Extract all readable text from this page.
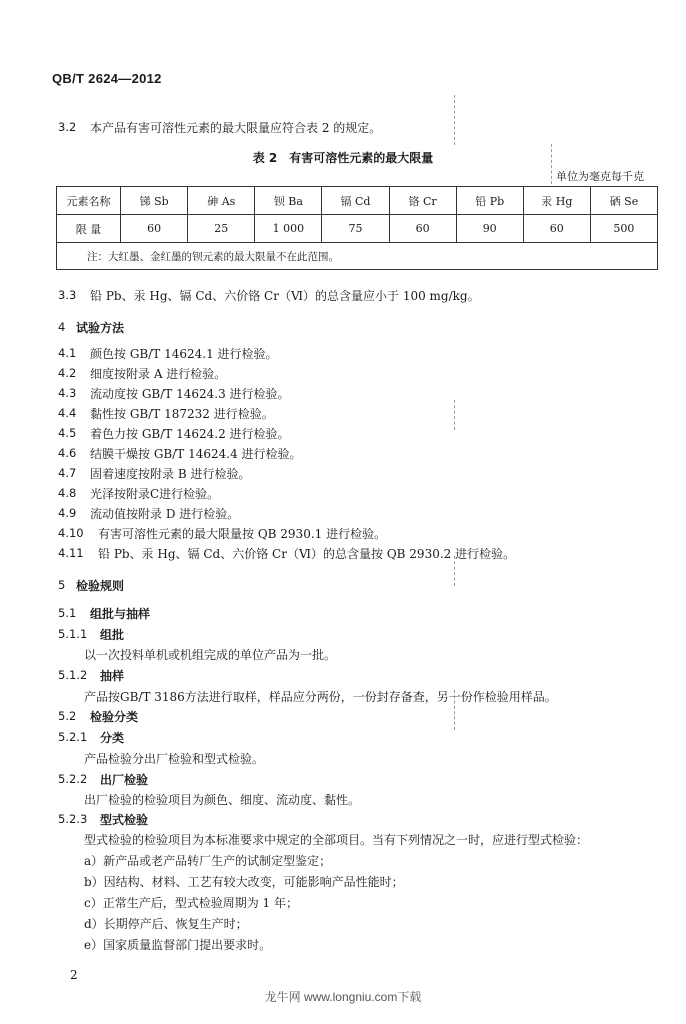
QB/T 2624—2012
3.2 本产品有害可溶性元素的最大限量应符合表 2 的规定。
表 2　有害可溶性元素的最大限量
单位为毫克每千克
元素名称	锑 Sb	砷 As	钡 Ba	镉 Cd	铬 Cr	铅 Pb	汞 Hg	硒 Se
限 量	60	25	1 000	75	60	90	60	500
注：大红墨、金红墨的钡元素的最大限量不在此范围。								
3.3 铅 Pb、汞 Hg、镉 Cd、六价铬 Cr（Ⅵ）的总含量应小于 100 mg/kg。
4 试验方法
4.1 颜色按 GB/T 14624.1 进行检验。
4.2 细度按附录 A 进行检验。
4.3 流动度按 GB/T 14624.3 进行检验。
4.4 黏性按 GB/T 187232 进行检验。
4.5 着色力按 GB/T 14624.2 进行检验。
4.6 结膜干燥按 GB/T 14624.4 进行检验。
4.7 固着速度按附录 B 进行检验。
4.8 光泽按附录C进行检验。
4.9 流动值按附录 D 进行检验。
4.10 有害可溶性元素的最大限量按 QB 2930.1 进行检验。
4.11 铅 Pb、汞 Hg、镉 Cd、六价铬 Cr（Ⅵ）的总含量按 QB 2930.2 进行检验。
5 检验规则
5.1 组批与抽样
5.1.1 组批
以一次投料单机或机组完成的单位产品为一批。
5.1.2 抽样
产品按GB/T 3186方法进行取样，样品应分两份，一份封存备查，另一份作检验用样品。
5.2 检验分类
5.2.1 分类
产品检验分出厂检验和型式检验。
5.2.2 出厂检验
出厂检验的检验项目为颜色、细度、流动度、黏性。
5.2.3 型式检验
型式检验的检验项目为本标准要求中规定的全部项目。当有下列情况之一时，应进行型式检验：
a）新产品或老产品转厂生产的试制定型鉴定；
b）因结构、材料、工艺有较大改变，可能影响产品性能时；
c）正常生产后，型式检验周期为 1 年；
d）长期停产后、恢复生产时；
e）国家质量监督部门提出要求时。
2
龙牛网 www.longniu.com下载
